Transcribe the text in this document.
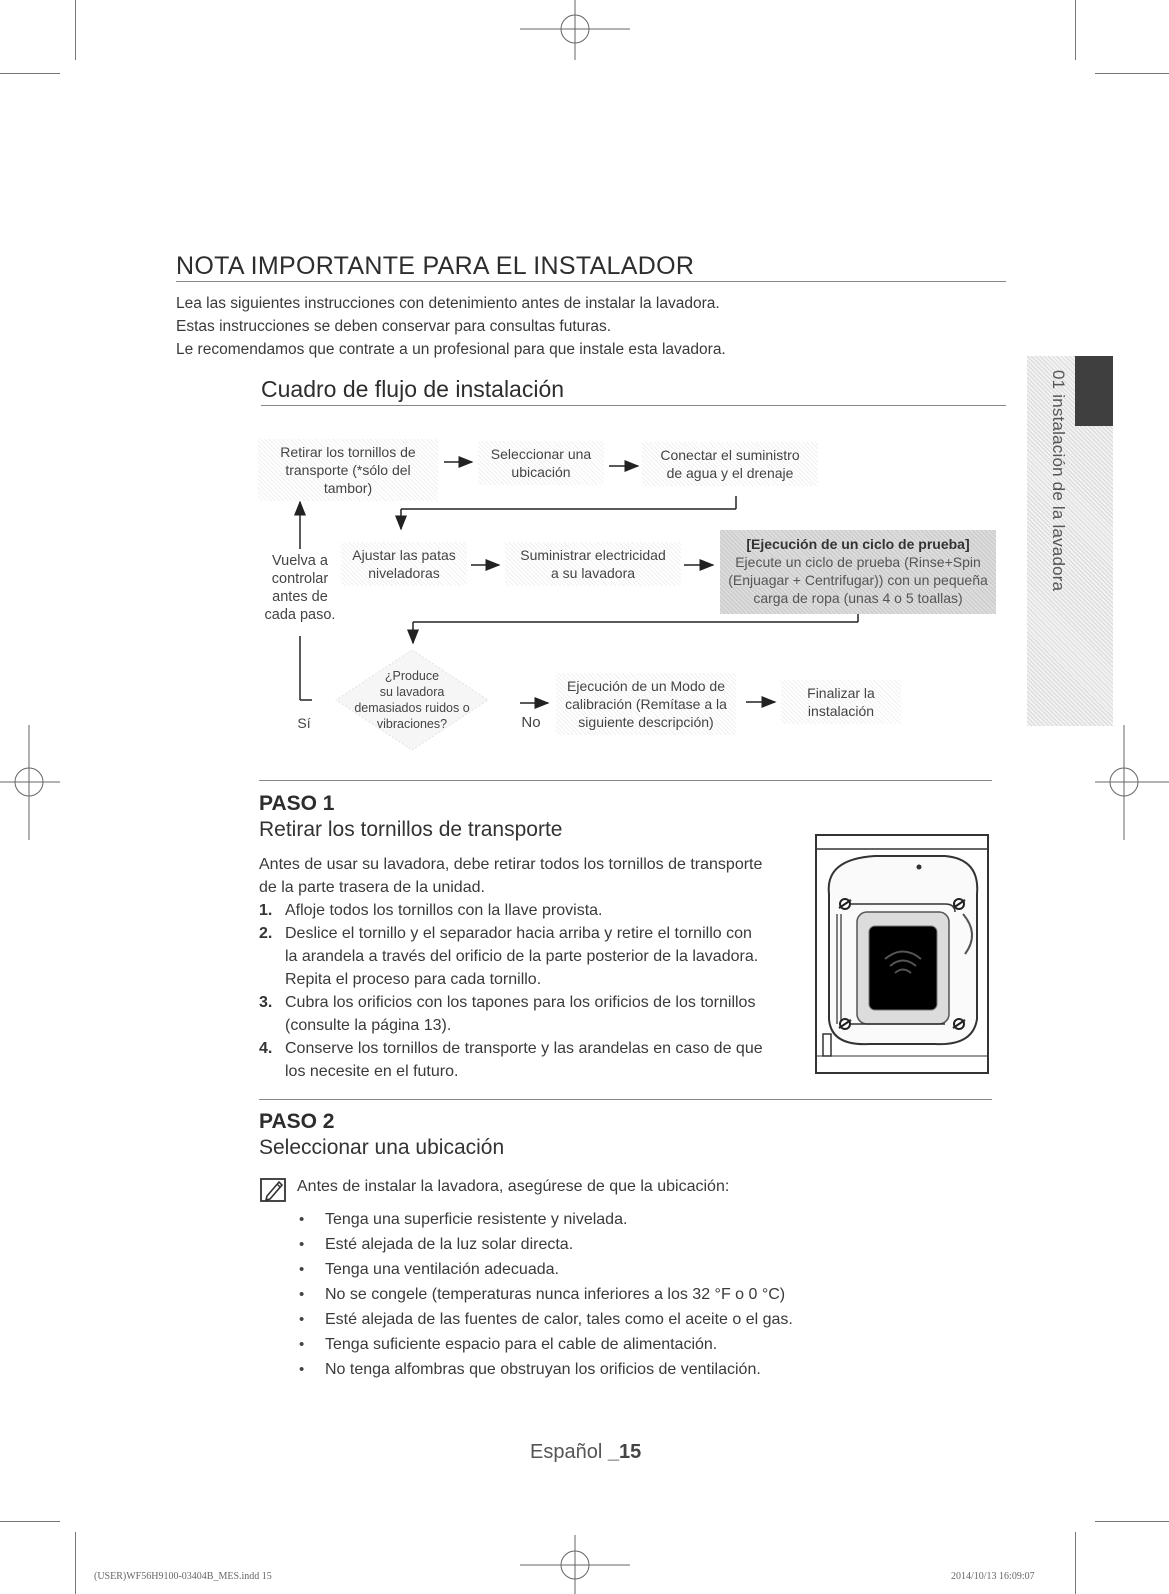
01 instalación de la lavadora
NOTA IMPORTANTE PARA EL INSTALADOR
Lea las siguientes instrucciones con detenimiento antes de instalar la lavadora.
Estas instrucciones se deben conservar para consultas futuras.
Le recomendamos que contrate a un profesional para que instale esta lavadora.
Cuadro de flujo de instalación
Retirar los tornillos de
transporte (*sólo del tambor)
Seleccionar una
ubicación
Conectar el suministro
de agua y el drenaje
Ajustar las patas
niveladoras
Suministrar electricidad
a su lavadora
[Ejecución de un ciclo de prueba]
Ejecute un ciclo de prueba (Rinse+Spin
(Enjuagar + Centrifugar)) con un pequeña
carga de ropa (unas 4 o 5 toallas)
Vuelva a
controlar
antes de
cada paso.
¿Produce
su lavadora
demasiados ruidos o
vibraciones?
Sí	No
Ejecución de un Modo de
calibración (Remítase a la
siguiente descripción)
Finalizar la
instalación
PASO 1
Retirar los tornillos de transporte
Antes de usar su lavadora, debe retirar todos los tornillos de transporte
de la parte trasera de la unidad.
1. Afloje todos los tornillos con la llave provista.
2. Deslice el tornillo y el separador hacia arriba y retire el tornillo con
la arandela a través del orificio de la parte posterior de la lavadora.
Repita el proceso para cada tornillo.
3. Cubra los orificios con los tapones para los orificios de los tornillos
(consulte la página 13).
4. Conserve los tornillos de transporte y las arandelas en caso de que
los necesite en el futuro.
PASO 2
Seleccionar una ubicación
Antes de instalar la lavadora, asegúrese de que la ubicación:
• Tenga una superficie resistente y nivelada.
• Esté alejada de la luz solar directa.
• Tenga una ventilación adecuada.
• No se congele (temperaturas nunca inferiores a los 32 °F o 0 °C)
• Esté alejada de las fuentes de calor, tales como el aceite o el gas.
• Tenga suficiente espacio para el cable de alimentación.
• No tenga alfombras que obstruyan los orificios de ventilación.
Español _15
(USER)WF56H9100-03404B_MES.indd 15	2014/10/13 16:09:07
